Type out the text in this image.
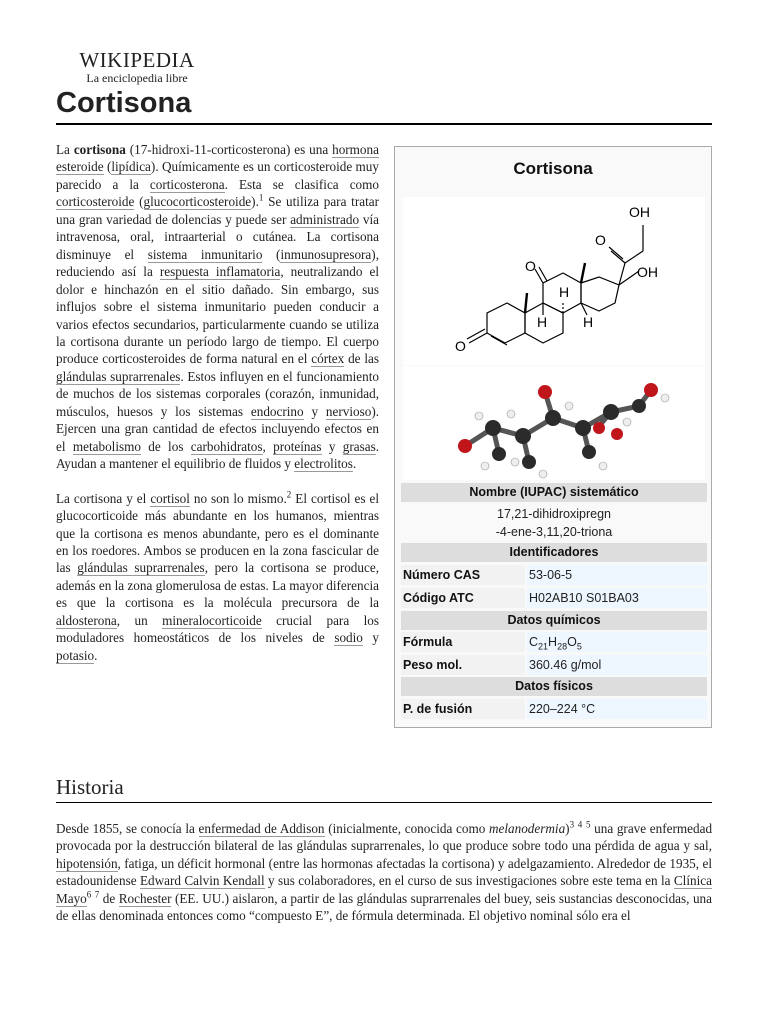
WIKIPEDIA
La enciclopedia libre
Cortisona

La cortisona (17-hidroxi-11-corticosterona) es una hormona esteroide (lipídica). Químicamente es un corticosteroide muy parecido a la corticosterona. Esta se clasifica como corticosteroide (glucocorticosteroide).$^1$ Se utiliza para tratar una gran variedad de dolencias y puede ser administrado vía intravenosa, oral, intraarterial o cutánea. La cortisona disminuye el sistema inmunitario (inmunosupresora), reduciendo así la respuesta inflamatoria, neutralizando el dolor e hinchazón en el sitio dañado. Sin embargo, sus influjos sobre el sistema inmunitario pueden conducir a varios efectos secundarios, particularmente cuando se utiliza la cortisona durante un período largo de tiempo. El cuerpo produce corticosteroides de forma natural en el córtex de las glándulas suprarrenales. Estos influyen en el funcionamiento de muchos de los sistemas corporales (corazón, inmunidad, músculos, huesos y los sistemas endocrino y nervioso). Ejercen una gran cantidad de efectos incluyendo efectos en el metabolismo de los carbohidratos, proteínas y grasas. Ayudan a mantener el equilibrio de fluidos y electrolitos.

La cortisona y el cortisol no son lo mismo.$^2$ El cortisol es el glucocorticoide más abundante en los humanos, mientras que la cortisona es menos abundante, pero es el dominante en los roedores. Ambos se producen en la zona fascicular de las glándulas suprarrenales, pero la cortisona se produce, además en la zona glomerulosa de estas. La mayor diferencia es que la cortisona es la molécula precursora de la aldosterona, un mineralocorticoide crucial para los moduladores homeostáticos de los niveles de sodio y potasio.

Cortisona
OH
O
OH
O
H
H	H
O
Nombre (IUPAC) sistemático
17,21-dihidroxipregn
-4-ene-3,11,20-triona
Identificadores
Número CAS	53-06-5
Código ATC	H02AB10 S01BA03
Datos químicos
Fórmula	$C_{21}H_{28}O_5$
Peso mol.	360.46 g/mol
Datos físicos
P. de fusión	220–224 °C
Historia
Desde 1855, se conocía la enfermedad de Addison (inicialmente, conocida como melanodermia)$^3$ $^4$ $^5$ una grave enfermedad provocada por la destrucción bilateral de las glándulas suprarrenales, lo que produce sobre todo una pérdida de agua y sal, hipotensión, fatiga, un déficit hormonal (entre las hormonas afectadas la cortisona) y adelgazamiento. Alrededor de 1935, el estadounidense Edward Calvin Kendall y sus colaboradores, en el curso de sus investigaciones sobre este tema en la Clínica Mayo$^6$ $^7$ de Rochester (EE. UU.) aislaron, a partir de las glándulas suprarrenales del buey, seis sustancias desconocidas, una de ellas denominada entonces como “compuesto E”, de fórmula determinada. El objetivo nominal sólo era el
